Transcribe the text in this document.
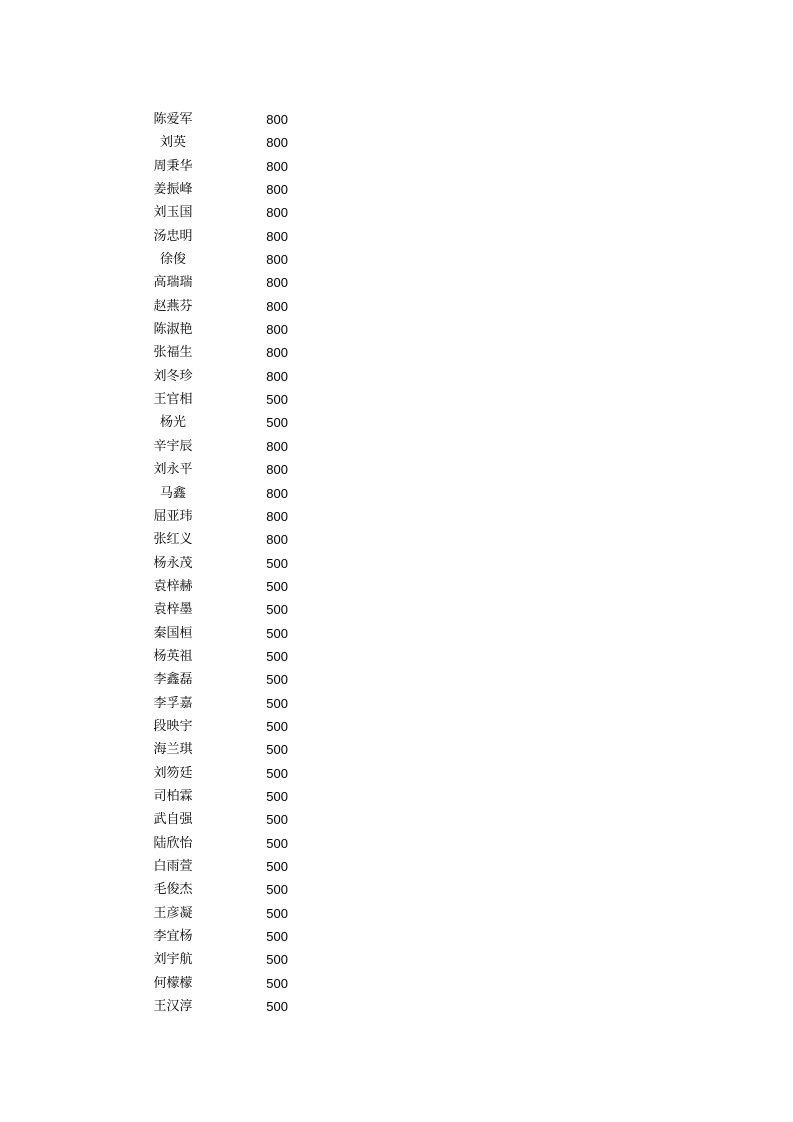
陈爱军	800
刘英	800
周秉华	800
姜振峰	800
刘玉国	800
汤忠明	800
徐俊	800
高瑞瑞	800
赵燕芬	800
陈淑艳	800
张福生	800
刘冬珍	800
王官相	500
杨光	500
辛宇辰	800
刘永平	800
马鑫	800
屈亚玮	800
张红义	800
杨永茂	500
袁梓赫	500
袁梓墨	500
秦国桓	500
杨英祖	500
李鑫磊	500
李孚嘉	500
段映宇	500
海兰琪	500
刘笏廷	500
司柏霖	500
武自强	500
陆欣怡	500
白雨萱	500
毛俊杰	500
王彦凝	500
李宜杨	500
刘宇航	500
何檬檬	500
王汉淳	500
